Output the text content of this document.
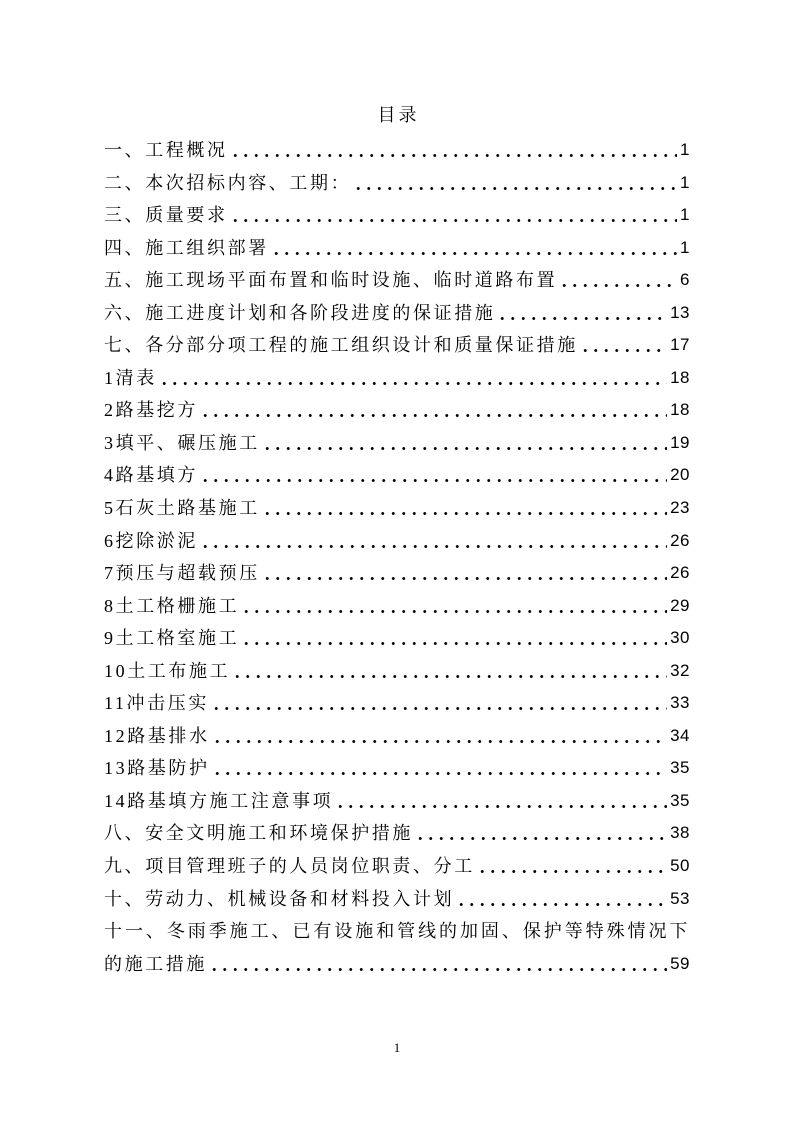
目录
一、工程概况	1
二、本次招标内容、工期：	1
三、质量要求	1
四、施工组织部署	1
五、施工现场平面布置和临时设施、临时道路布置	6
六、施工进度计划和各阶段进度的保证措施	13
七、各分部分项工程的施工组织设计和质量保证措施	17
1清表	18
2路基挖方	18
3填平、碾压施工	19
4路基填方	20
5石灰土路基施工	23
6挖除淤泥	26
7预压与超载预压	26
8土工格栅施工	29
9土工格室施工	30
10土工布施工	32
11冲击压实	33
12路基排水	34
13路基防护	35
14路基填方施工注意事项	35
八、安全文明施工和环境保护措施	38
九、项目管理班子的人员岗位职责、分工	50
十、劳动力、机械设备和材料投入计划	53
十一、冬雨季施工、已有设施和管线的加固、保护等特殊情况下
的施工措施	59
1
